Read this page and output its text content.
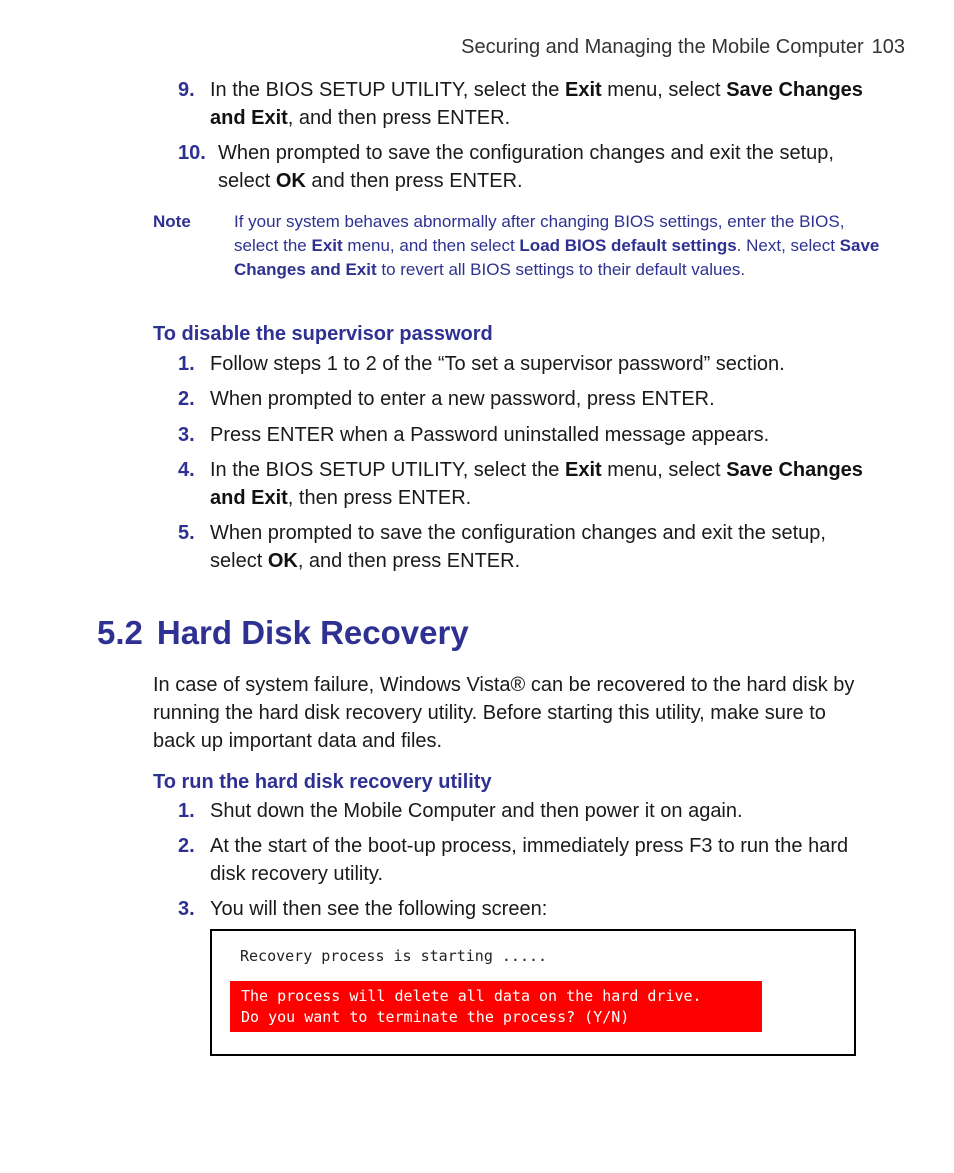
Securing and Managing the Mobile Computer 103
9. In the BIOS SETUP UTILITY, select the Exit menu, select Save Changes and Exit, and then press ENTER.
10. When prompted to save the configuration changes and exit the setup, select OK and then press ENTER.
Note	If your system behaves abnormally after changing BIOS settings, enter the BIOS, select the Exit menu, and then select Load BIOS default settings. Next, select Save Changes and Exit to revert all BIOS settings to their default values.
To disable the supervisor password
1. Follow steps 1 to 2 of the “To set a supervisor password” section.
2. When prompted to enter a new password, press ENTER.
3. Press ENTER when a Password uninstalled message appears.
4. In the BIOS SETUP UTILITY, select the Exit menu, select Save Changes and Exit, then press ENTER.
5. When prompted to save the configuration changes and exit the setup, select OK, and then press ENTER.
5.2 Hard Disk Recovery
In case of system failure, Windows Vista® can be recovered to the hard disk by running the hard disk recovery utility. Before starting this utility, make sure to back up important data and files.
To run the hard disk recovery utility
1. Shut down the Mobile Computer and then power it on again.
2. At the start of the boot-up process, immediately press F3 to run the hard disk recovery utility.
3. You will then see the following screen:
Recovery process is starting .....
The process will delete all data on the hard drive.
Do you want to terminate the process? (Y/N)
